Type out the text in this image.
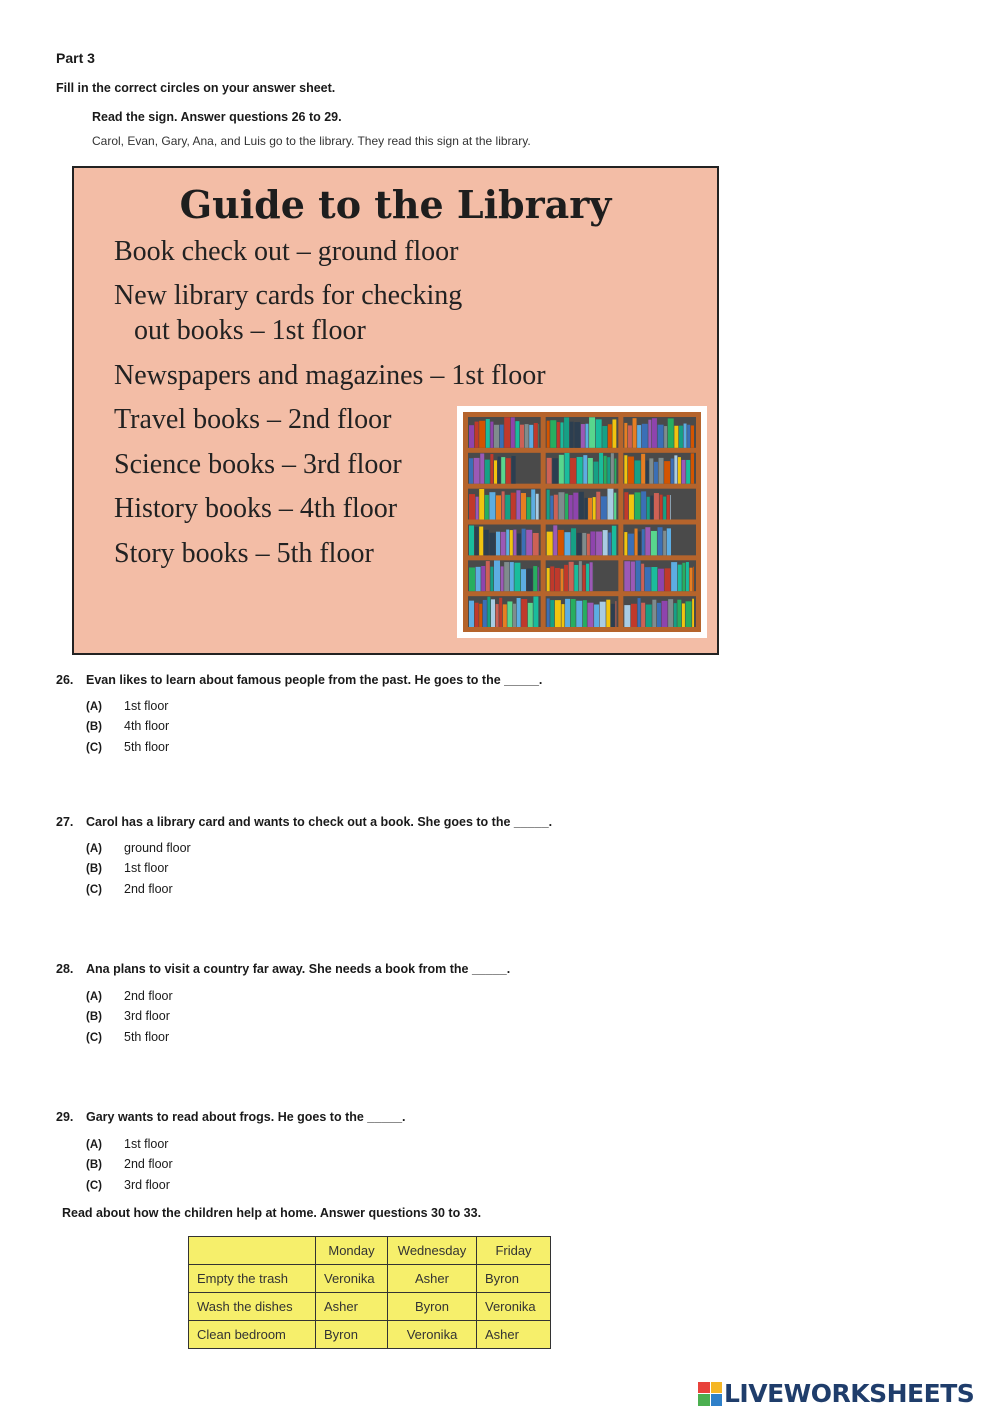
Part 3
Fill in the correct circles on your answer sheet.
Read the sign. Answer questions 26 to 29.
Carol, Evan, Gary, Ana, and Luis go to the library. They read this sign at the library.
Guide to the Library
Book check out – ground floor
New library cards for checking
out books – 1st floor
Newspapers and magazines – 1st floor
Travel books – 2nd floor
Science books – 3rd floor
History books – 4th floor
Story books – 5th floor
26. Evan likes to learn about famous people from the past. He goes to the _____.
(A) 1st floor
(B) 4th floor
(C) 5th floor
27. Carol has a library card and wants to check out a book. She goes to the _____.
(A) ground floor
(B) 1st floor
(C) 2nd floor
28. Ana plans to visit a country far away. She needs a book from the _____.
(A) 2nd floor
(B) 3rd floor
(C) 5th floor
29. Gary wants to read about frogs. He goes to the _____.
(A) 1st floor
(B) 2nd floor
(C) 3rd floor
Read about how the children help at home. Answer questions 30 to 33.
	Monday	Wednesday	Friday
Empty the trash	Veronika	Asher	Byron
Wash the dishes	Asher	Byron	Veronika
Clean bedroom	Byron	Veronika	Asher
LIVEWORKSHEETS
